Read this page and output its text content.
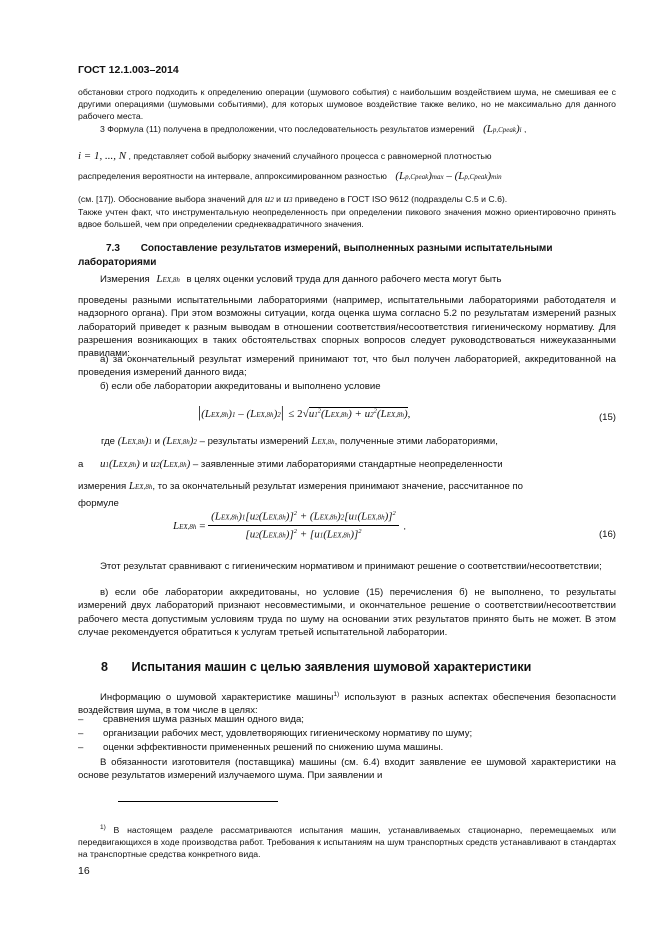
ГОСТ 12.1.003–2014

обстановки строго подходить к определению операции (шумового события) с наибольшим воздействием шума, не смешивая ее с другими операциями (шумовыми событиями), для которых шумовое воздействие также велико, но не максимально для данного рабочего места.

3 Формула (11) получена в предположении, что последовательность результатов измерений (Lp,Cpeak)i ,
i = 1, ..., N , представляет собой выборку значений случайного процесса с равномерной плотностью
распределения вероятности на интервале, аппроксимированном разностью (Lp,Cpeak)max – (Lp,Cpeak)min
(см. [17]). Обоснование выбора значений для u2 и u3 приведено в ГОСТ ISO 9612 (подразделы С.5 и С.6).

Также учтен факт, что инструментальную неопределенность при определении пикового значения можно ориентировочно принять вдвое большей, чем при определении среднеквадратичного значения.

7.3 Сопоставление результатов измерений, выполненных разными испытательными лабораториями
Измерения LEX,8h в целях оценки условий труда для данного рабочего места могут быть

проведены разными испытательными лабораториями (например, испытательными лабораториями работодателя и надзорного органа). При этом возможны ситуации, когда оценка шума согласно 5.2 по результатам измерений разных лабораторий приведет к разным выводам в отношении соответствия/несоответствия гигиеническому нормативу. Для разрешения возникающих в таких обстоятельствах спорных вопросов следует руководствоваться нижеуказанными правилами:

а) за окончательный результат измерений принимают тот, что был получен лабораторией, аккредитованной на проведения измерений данного вида;

б) если обе лаборатории аккредитованы и выполнено условие
$|(LEX,8h)1 - (LEX,8h)2| \le 2√u1^2(LEX,8h) + u2^2(LEX,8h)$,	(15)
где (LEX,8h)1 и (LEX,8h)2 – результаты измерений LEX,8h, полученные этими лабораториями,
а u1(LEX,8h) и u2(LEX,8h) – заявленные этими лабораториями стандартные неопределенности
измерения LEX,8h, то за окончательный результат измерения принимают значение, рассчитанное по
формуле
$LEX,8h = \frac{(LEX,8h)1[u2(LEX,8h)]^2 + (LEX,8h)2[u1(LEX,8h)]^2}{[u2(LEX,8h)]^2 + [u1(LEX,8h)]^2}$ .
(16)

Этот результат сравнивают с гигиеническим нормативом и принимают решение о соответствии/несоответствии;

в) если обе лаборатории аккредитованы, но условие (15) перечисления б) не выполнено, то результаты измерений двух лабораторий признают несовместимыми, и окончательное решение о соответствии/несоответствии рабочего места допустимым условиям труда по шуму на основании этих результатов принято быть не может. В этом случае рекомендуется обратиться к услугам третьей испытательной лаборатории.

8 Испытания машин с целью заявления шумовой характеристики

Информацию о шумовой характеристике машины$^{1)}$ используют в разных аспектах обеспечения безопасности воздействия шума, в том числе в целях:

– сравнения шума разных машин одного вида;
– организации рабочих мест, удовлетворяющих гигиеническому нормативу по шуму;
– оценки эффективности примененных решений по снижению шума машины.

В обязанности изготовителя (поставщика) машины (см. 6.4) входит заявление ее шумовой характеристики на основе результатов измерений излучаемого шума. При заявлении и

$^{1)}$ В настоящем разделе рассматриваются испытания машин, устанавливаемых стационарно, перемещаемых или передвигающихся в ходе производства работ. Требования к испытаниям на шум транспортных средств устанавливают в стандартах на транспортные средства конкретного вида.

16
